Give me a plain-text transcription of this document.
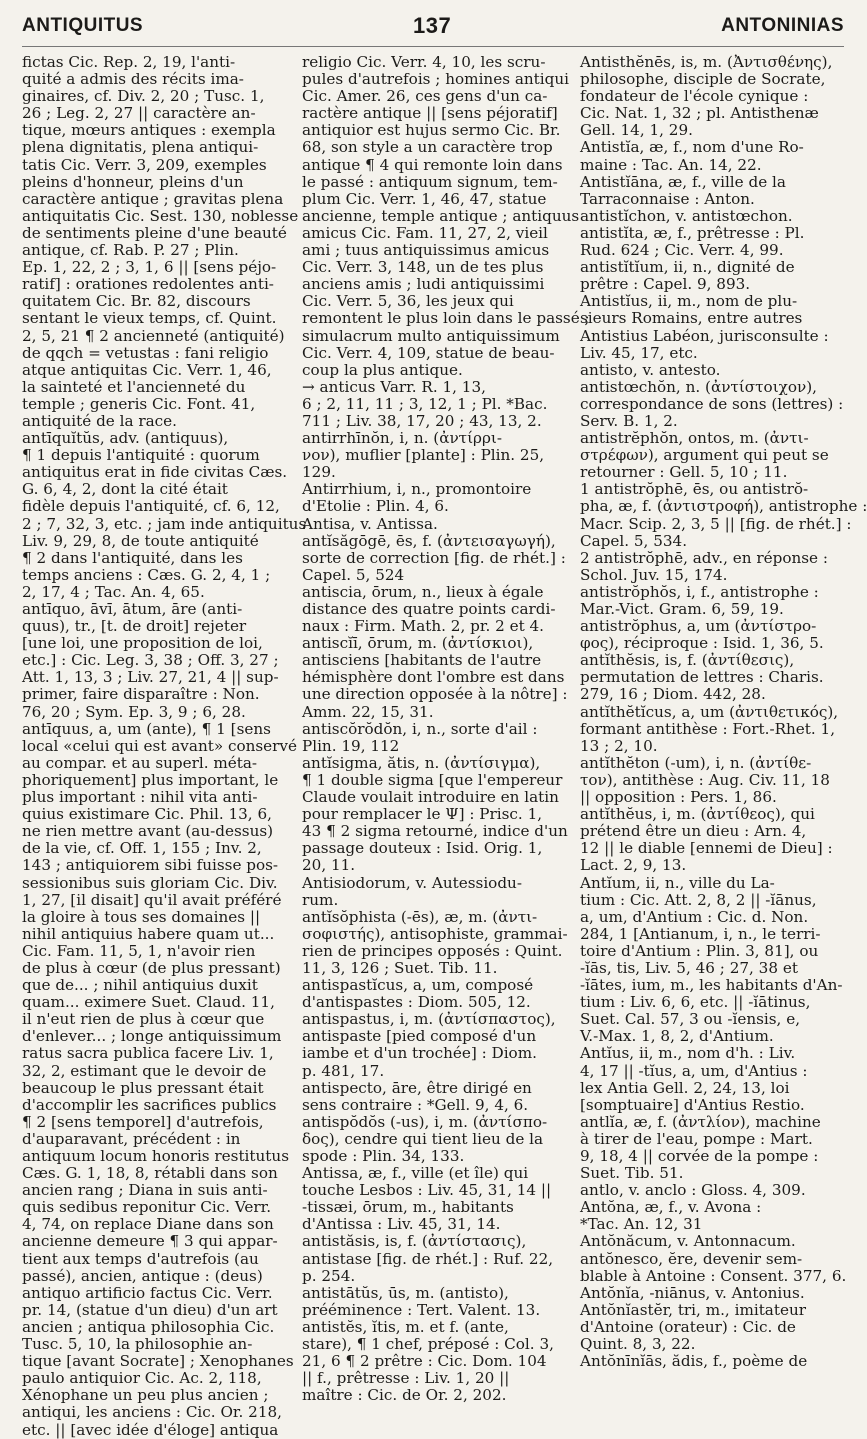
ANTIQUITUS	137	ANTONINIAS
fictas Cic. Rep. 2, 19, l'anti-
quité a admis des récits ima-
ginaires, cf. Div. 2, 20 ; Tusc. 1,
26 ; Leg. 2, 27 || caractère an-
tique, mœurs antiques : exempla
plena dignitatis, plena antiqui-
tatis Cic. Verr. 3, 209, exemples
pleins d'honneur, pleins d'un
caractère antique ; gravitas plena
antiquitatis Cic. Sest. 130, noblesse
de sentiments pleine d'une beauté
antique, cf. Rab. P. 27 ; Plin.
Ep. 1, 22, 2 ; 3, 1, 6 || [sens péjo-
ratif] : orationes redolentes anti-
quitatem Cic. Br. 82, discours
sentant le vieux temps, cf. Quint.
2, 5, 21 ¶ 2 ancienneté (antiquité)
de qqch = vetustas : fani religio
atque antiquitas Cic. Verr. 1, 46,
la sainteté et l'ancienneté du
temple ; generis Cic. Font. 41,
antiquité de la race.
antīquĭtŭs, adv. (antiquus),
¶ 1 depuis l'antiquité : quorum
antiquitus erat in fide civitas Cæs.
G. 6, 4, 2, dont la cité était
fidèle depuis l'antiquité, cf. 6, 12,
2 ; 7, 32, 3, etc. ; jam inde antiquitus
Liv. 9, 29, 8, de toute antiquité
¶ 2 dans l'antiquité, dans les
temps anciens : Cæs. G. 2, 4, 1 ;
2, 17, 4 ; Tac. An. 4, 65.
antīquo, āvī, ātum, āre (anti-
quus), tr., [t. de droit] rejeter
[une loi, une proposition de loi,
etc.] : Cic. Leg. 3, 38 ; Off. 3, 27 ;
Att. 1, 13, 3 ; Liv. 27, 21, 4 || sup-
primer, faire disparaître : Non.
76, 20 ; Sym. Ep. 3, 9 ; 6, 28.
antīquus, a, um (ante), ¶ 1 [sens
local «celui qui est avant» conservé
au compar. et au superl. méta-
phoriquement] plus important, le
plus important : nihil vita anti-
quius existimare Cic. Phil. 13, 6,
ne rien mettre avant (au-dessus)
de la vie, cf. Off. 1, 155 ; Inv. 2,
143 ; antiquiorem sibi fuisse pos-
sessionibus suis gloriam Cic. Div.
1, 27, [il disait] qu'il avait préféré
la gloire à tous ses domaines ||
nihil antiquius habere quam ut...
Cic. Fam. 11, 5, 1, n'avoir rien
de plus à cœur (de plus pressant)
que de... ; nihil antiquius duxit
quam... eximere Suet. Claud. 11,
il n'eut rien de plus à cœur que
d'enlever... ; longe antiquissimum
ratus sacra publica facere Liv. 1,
32, 2, estimant que le devoir de
beaucoup le plus pressant était
d'accomplir les sacrifices publics
¶ 2 [sens temporel] d'autrefois,
d'auparavant, précédent : in
antiquum locum honoris restitutus
Cæs. G. 1, 18, 8, rétabli dans son
ancien rang ; Diana in suis anti-
quis sedibus reponitur Cic. Verr.
4, 74, on replace Diane dans son
ancienne demeure ¶ 3 qui appar-
tient aux temps d'autrefois (au
passé), ancien, antique : (deus)
antiquo artificio factus Cic. Verr.
pr. 14, (statue d'un dieu) d'un art
ancien ; antiqua philosophia Cic.
Tusc. 5, 10, la philosophie an-
tique [avant Socrate] ; Xenophanes
paulo antiquior Cic. Ac. 2, 118,
Xénophane un peu plus ancien ;
antiqui, les anciens : Cic. Or. 218,
etc. || [avec idée d'éloge] antiqua
religio Cic. Verr. 4, 10, les scru-
pules d'autrefois ; homines antiqui
Cic. Amer. 26, ces gens d'un ca-
ractère antique || [sens péjoratif]
antiquior est hujus sermo Cic. Br.
68, son style a un caractère trop
antique ¶ 4 qui remonte loin dans
le passé : antiquum signum, tem-
plum Cic. Verr. 1, 46, 47, statue
ancienne, temple antique ; antiquus
amicus Cic. Fam. 11, 27, 2, vieil
ami ; tuus antiquissimus amicus
Cic. Verr. 3, 148, un de tes plus
anciens amis ; ludi antiquissimi
Cic. Verr. 5, 36, les jeux qui
remontent le plus loin dans le passé ;
simulacrum multo antiquissimum
Cic. Verr. 4, 109, statue de beau-
coup la plus antique.
→ anticus Varr. R. 1, 13,
6 ; 2, 11, 11 ; 3, 12, 1 ; Pl. *Bac.
711 ; Liv. 38, 17, 20 ; 43, 13, 2.
antirrhīnŏn, i, n. (ἀντίρρι-
νον), muflier [plante] : Plin. 25,
129.
Antirrhium, i, n., promontoire
d'Etolie : Plin. 4, 6.
Antisa, v. Antissa.
antĭsăgōgē, ēs, f. (ἀντεισαγωγή),
sorte de correction [fig. de rhét.] :
Capel. 5, 524
antiscia, ōrum, n., lieux à égale
distance des quatre points cardi-
naux : Firm. Math. 2, pr. 2 et 4.
antiscĭī, ōrum, m. (ἀντίσκιοι),
antisciens [habitants de l'autre
hémisphère dont l'ombre est dans
une direction opposée à la nôtre] :
Amm. 22, 15, 31.
antiscŏrŏdŏn, i, n., sorte d'ail :
Plin. 19, 112
antĭsigma, ătis, n. (ἀντίσιγμα),
¶ 1 double sigma [que l'empereur
Claude voulait introduire en latin
pour remplacer le Ψ] : Prisc. 1,
43 ¶ 2 sigma retourné, indice d'un
passage douteux : Isid. Orig. 1,
20, 11.
Antisiodorum, v. Autessiodu-
rum.
antĭsŏphista (-ēs), æ, m. (ἀντι-
σοφιστής), antisophiste, grammai-
rien de principes opposés : Quint.
11, 3, 126 ; Suet. Tib. 11.
antispastĭcus, a, um, composé
d'antispastes : Diom. 505, 12.
antispastus, i, m. (ἀντίσπαστος),
antispaste [pied composé d'un
iambe et d'un trochée] : Diom.
p. 481, 17.
antispecto, āre, être dirigé en
sens contraire : *Gell. 9, 4, 6.
antispŏdŏs (-us), i, m. (ἀντίσπο-
δος), cendre qui tient lieu de la
spode : Plin. 34, 133.
Antissa, æ, f., ville (et île) qui
touche Lesbos : Liv. 45, 31, 14 ||
-tissæi, ōrum, m., habitants
d'Antissa : Liv. 45, 31, 14.
antistăsis, is, f. (ἀντίστασις),
antistase [fig. de rhét.] : Ruf. 22,
p. 254.
antistātŭs, ūs, m. (antisto),
prééminence : Tert. Valent. 13.
antistĕs, ĭtis, m. et f. (ante,
stare), ¶ 1 chef, préposé : Col. 3,
21, 6 ¶ 2 prêtre : Cic. Dom. 104
|| f., prêtresse : Liv. 1, 20 ||
maître : Cic. de Or. 2, 202.
Antisthĕnēs, is, m. (Ἀντισθένης),
philosophe, disciple de Socrate,
fondateur de l'école cynique :
Cic. Nat. 1, 32 ; pl. Antisthenæ
Gell. 14, 1, 29.
Antistĭa, æ, f., nom d'une Ro-
maine : Tac. An. 14, 22.
Antistĭāna, æ, f., ville de la
Tarraconnaise : Anton.
antistĭchon, v. antistœchon.
antistĭta, æ, f., prêtresse : Pl.
Rud. 624 ; Cic. Verr. 4, 99.
antistĭtĭum, ii, n., dignité de
prêtre : Capel. 9, 893.
Antistĭus, ii, m., nom de plu-
sieurs Romains, entre autres
Antistius Labéon, jurisconsulte :
Liv. 45, 17, etc.
antisto, v. antesto.
antistœchŏn, n. (ἀντίστοιχον),
correspondance de sons (lettres) :
Serv. B. 1, 2.
antistrĕphŏn, ontos, m. (ἀντι-
στρέφων), argument qui peut se
retourner : Gell. 5, 10 ; 11.
1 antistrŏphē, ēs, ou antistrŏ-
pha, æ, f. (ἀντιστροφή), antistrophe :
Macr. Scip. 2, 3, 5 || [fig. de rhét.] :
Capel. 5, 534.
2 antistrŏphē, adv., en réponse :
Schol. Juv. 15, 174.
antistrŏphŏs, i, f., antistrophe :
Mar.-Vict. Gram. 6, 59, 19.
antistrŏphus, a, um (ἀντίστρο-
φος), réciproque : Isid. 1, 36, 5.
antĭthĕsis, is, f. (ἀντίθεσις),
permutation de lettres : Charis.
279, 16 ; Diom. 442, 28.
antĭthĕtĭcus, a, um (ἀντιθετικός),
formant antithèse : Fort.-Rhet. 1,
13 ; 2, 10.
antĭthĕton (-um), i, n. (ἀντίθε-
τον), antithèse : Aug. Civ. 11, 18
|| opposition : Pers. 1, 86.
antĭthĕus, i, m. (ἀντίθεος), qui
prétend être un dieu : Arn. 4,
12 || le diable [ennemi de Dieu] :
Lact. 2, 9, 13.
Antĭum, ii, n., ville du La-
tium : Cic. Att. 2, 8, 2 || -ĭānus,
a, um, d'Antium : Cic. d. Non.
284, 1 [Antianum, i, n., le terri-
toire d'Antium : Plin. 3, 81], ou
-ĭās, tis, Liv. 5, 46 ; 27, 38 et
-ĭātes, ium, m., les habitants d'An-
tium : Liv. 6, 6, etc. || -ĭātinus,
Suet. Cal. 57, 3 ou -ĭensis, e,
V.-Max. 1, 8, 2, d'Antium.
Antĭus, ii, m., nom d'h. : Liv.
4, 17 || -tĭus, a, um, d'Antius :
lex Antia Gell. 2, 24, 13, loi
[somptuaire] d'Antius Restio.
antlĭa, æ, f. (ἀντλίον), machine
à tirer de l'eau, pompe : Mart.
9, 18, 4 || corvée de la pompe :
Suet. Tib. 51.
antlo, v. anclo : Gloss. 4, 309.
Antŏna, æ, f., v. Avona :
*Tac. An. 12, 31
Antŏnăcum, v. Antonnacum.
antŏnesco, ĕre, devenir sem-
blable à Antoine : Consent. 377, 6.
Antŏnĭa, -niānus, v. Antonius.
Antŏnĭastĕr, tri, m., imitateur
d'Antoine (orateur) : Cic. de
Quint. 8, 3, 22.
Antŏnīnĭās, ădis, f., poème de
